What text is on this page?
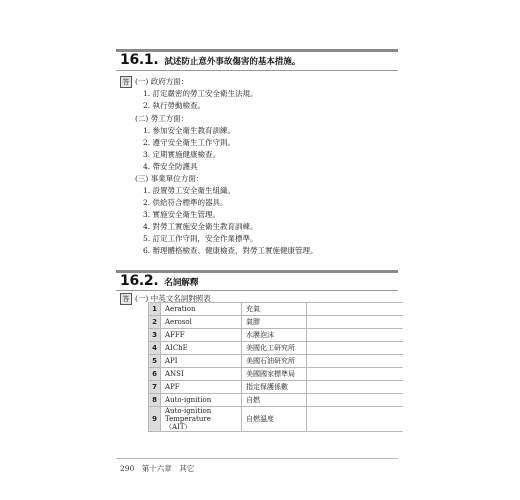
16.1. 試述防止意外事故傷害的基本措施。
答 (一) 政府方面：
1. 訂定嚴密的勞工安全衛生法規。
2. 執行勞動檢查。
(二) 勞工方面：
1. 參加安全衛生教育訓練。
2. 遵守安全衛生工作守則。
3. 定期實施健康檢查。
4. 帶安全防護具
(三) 事業單位方面：
1. 設置勞工安全衛生組織。
2. 供給符合標準的器具。
3. 實施安全衛生管理。
4. 對勞工實施安全衛生教育訓練。
5. 訂定工作守則，安全作業標準。
6. 辦理體格檢查、健康檢查，對勞工實施健康管理。
16.2. 名詞解釋
答 (一) 中英文名詞對照表
1	Aeration	充氣	
2	Aerosol	氣膠	
3	AFFF	水膜泡沫	
4	AIChE	美國化工研究所	
5	API	美國石油研究所	
6	ANSI	美國國家標準局	
7	APF	指定保護係數	
8	Auto-ignition	自燃	
9	Auto-ignition Temperature
（AIT）	自燃溫度	
290 第十六章　其它
